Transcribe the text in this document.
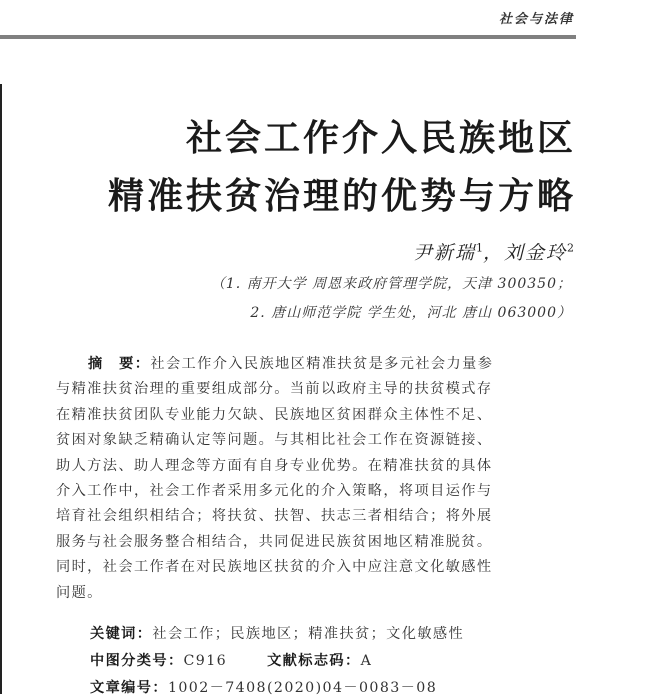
社会与法律
社会工作介入民族地区
精准扶贫治理的优势与方略
尹新瑞$^1$，刘金玲$^2$
（1. 南开大学 周恩来政府管理学院，天津 300350；
2. 唐山师范学院 学生处，河北 唐山 063000）
摘　要：社会工作介入民族地区精准扶贫是多元社会力量参
与精准扶贫治理的重要组成部分。当前以政府主导的扶贫模式存
在精准扶贫团队专业能力欠缺、民族地区贫困群众主体性不足、
贫困对象缺乏精确认定等问题。与其相比社会工作在资源链接、
助人方法、助人理念等方面有自身专业优势。在精准扶贫的具体
介入工作中，社会工作者采用多元化的介入策略，将项目运作与
培育社会组织相结合；将扶贫、扶智、扶志三者相结合；将外展
服务与社会服务整合相结合，共同促进民族贫困地区精准脱贫。
同时，社会工作者在对民族地区扶贫的介入中应注意文化敏感性
问题。
关键词：社会工作；民族地区；精准扶贫；文化敏感性
中图分类号：C916	文献标志码：A
文章编号：1002－7408(2020)04－0083－08
